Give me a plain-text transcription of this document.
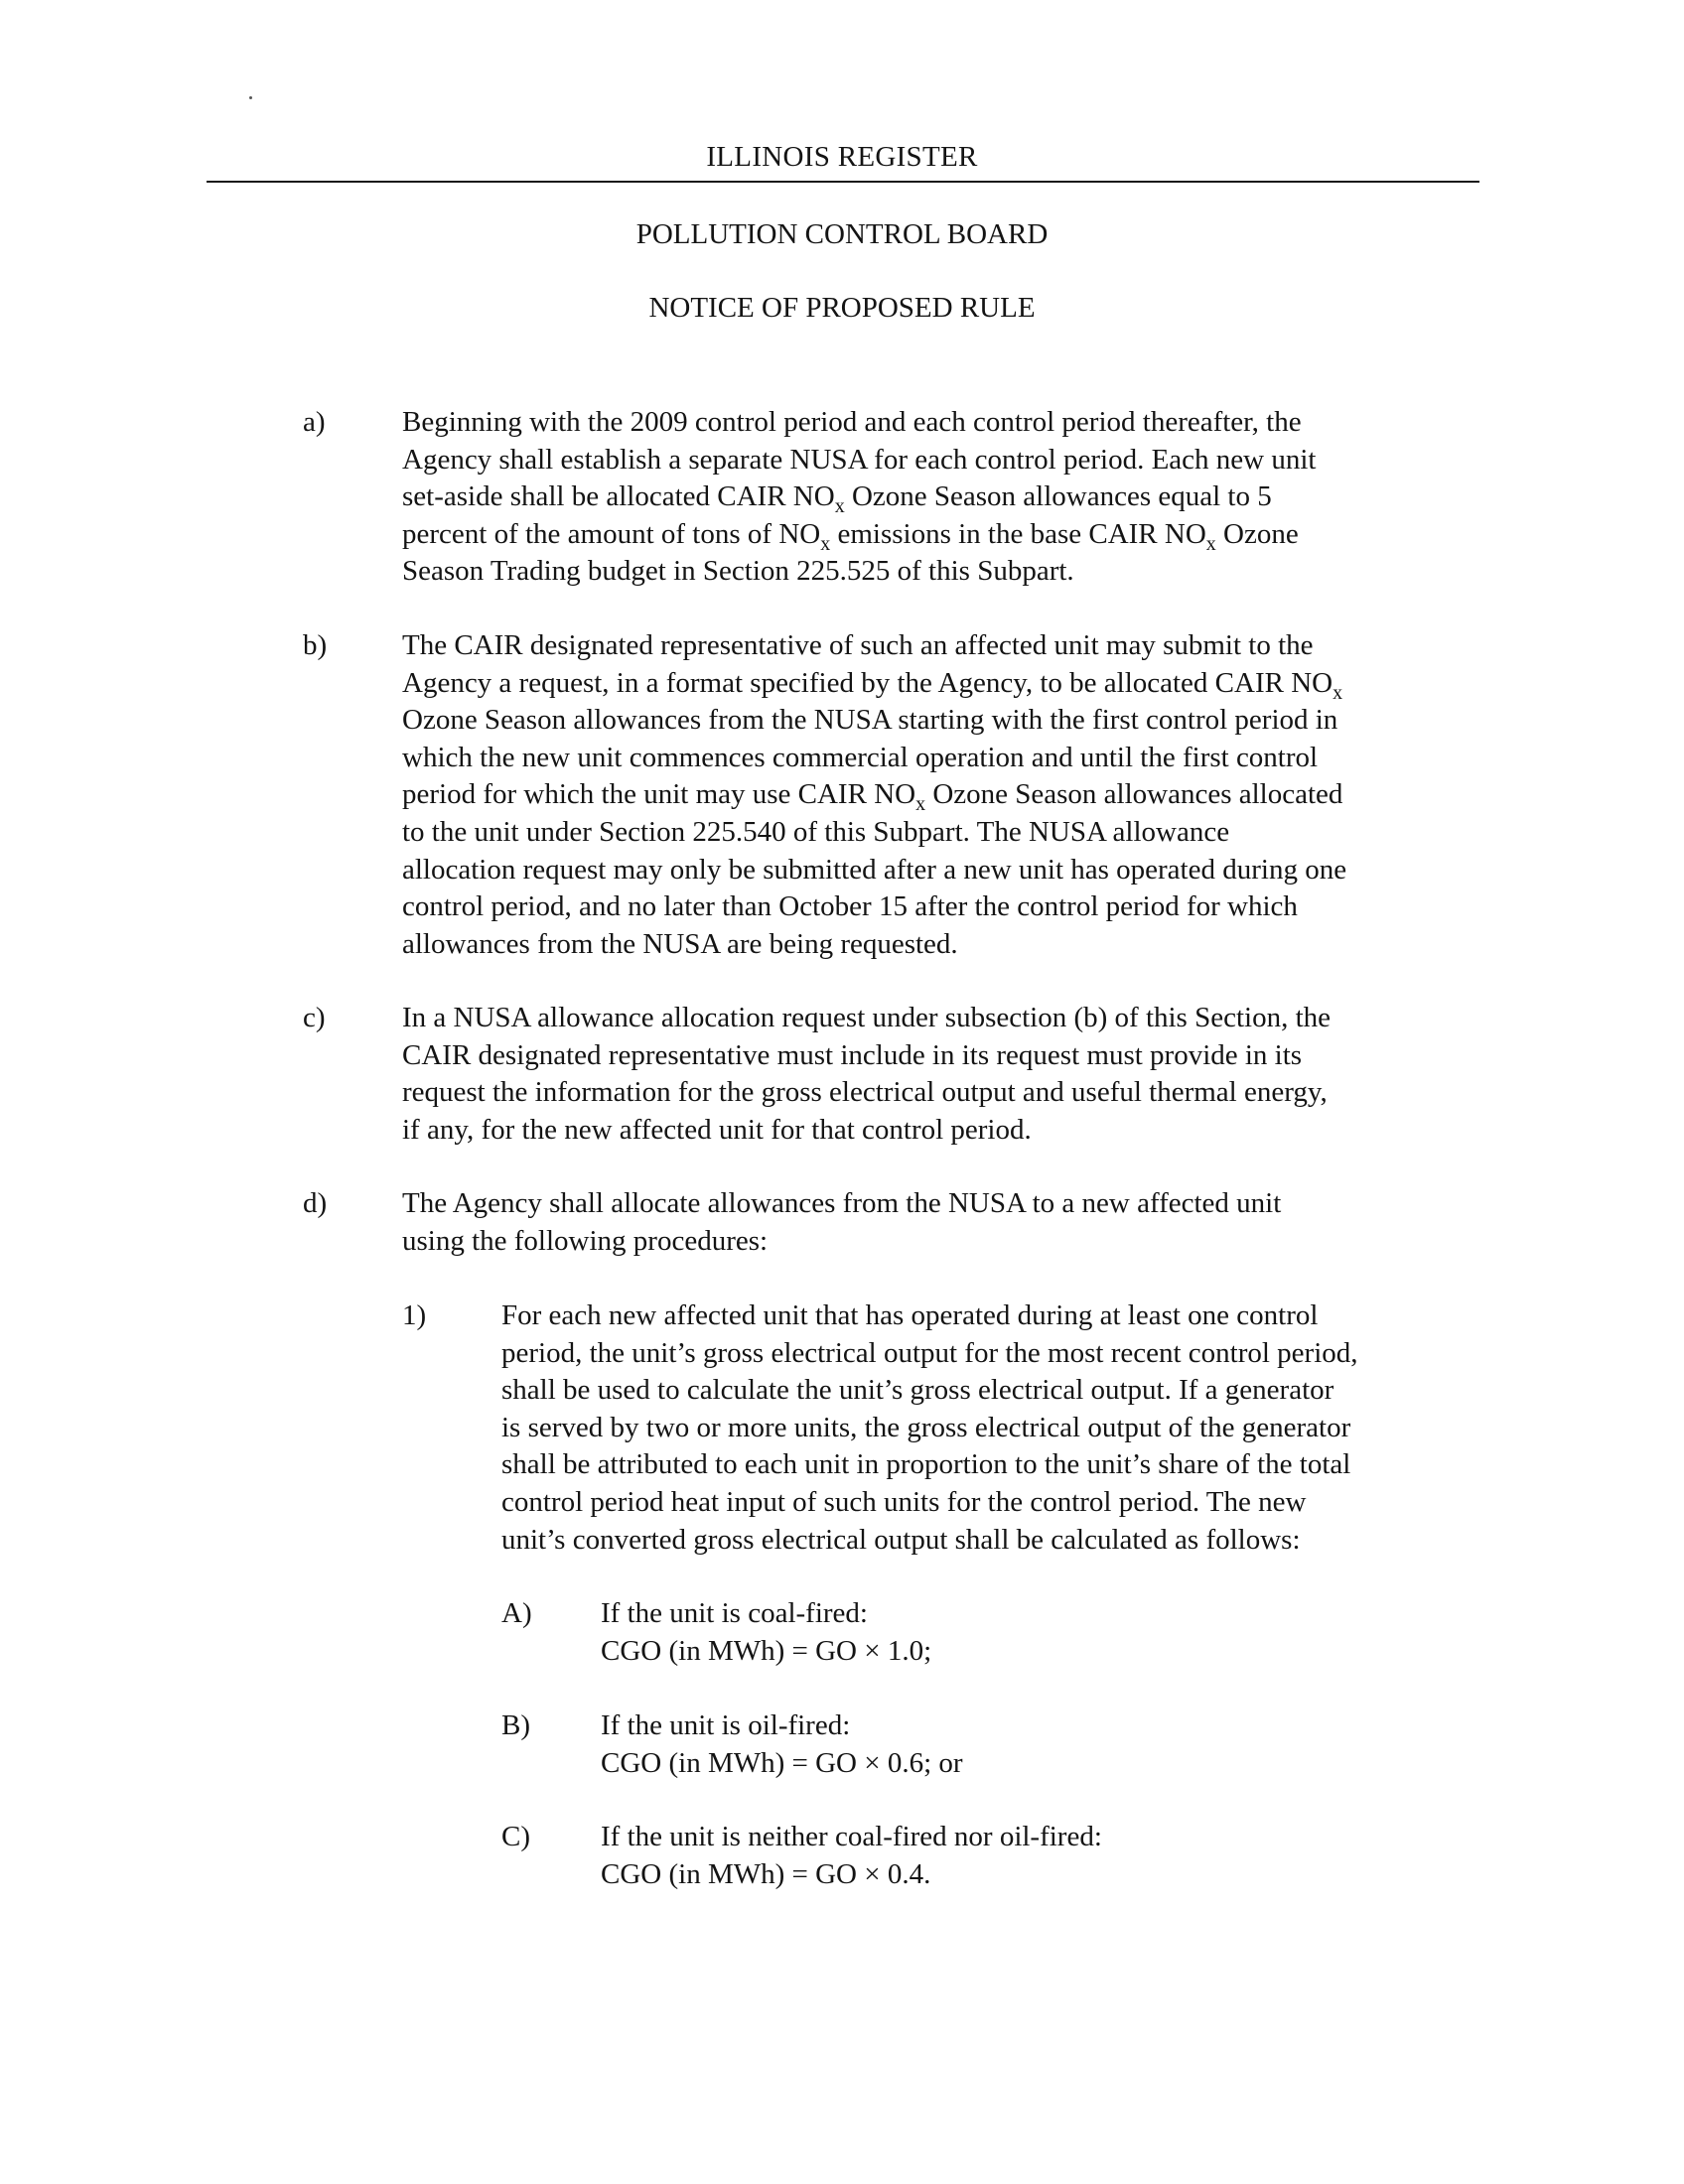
ILLINOIS REGISTER
POLLUTION CONTROL BOARD
NOTICE OF PROPOSED RULE
a)	Beginning with the 2009 control period and each control period thereafter, the
Agency shall establish a separate NUSA for each control period. Each new unit
set-aside shall be allocated CAIR $NO_x$ Ozone Season allowances equal to 5
percent of the amount of tons of $NO_x$ emissions in the base CAIR $NO_x$ Ozone
Season Trading budget in Section 225.525 of this Subpart.
b)	The CAIR designated representative of such an affected unit may submit to the
Agency a request, in a format specified by the Agency, to be allocated CAIR $NO_x$
Ozone Season allowances from the NUSA starting with the first control period in
which the new unit commences commercial operation and until the first control
period for which the unit may use CAIR $NO_x$ Ozone Season allowances allocated
to the unit under Section 225.540 of this Subpart. The NUSA allowance
allocation request may only be submitted after a new unit has operated during one
control period, and no later than October 15 after the control period for which
allowances from the NUSA are being requested.
c)	In a NUSA allowance allocation request under subsection (b) of this Section, the
CAIR designated representative must include in its request must provide in its
request the information for the gross electrical output and useful thermal energy,
if any, for the new affected unit for that control period.
d)	The Agency shall allocate allowances from the NUSA to a new affected unit
using the following procedures:
1)	For each new affected unit that has operated during at least one control
period, the unit’s gross electrical output for the most recent control period,
shall be used to calculate the unit’s gross electrical output. If a generator
is served by two or more units, the gross electrical output of the generator
shall be attributed to each unit in proportion to the unit’s share of the total
control period heat input of such units for the control period. The new
unit’s converted gross electrical output shall be calculated as follows:
A) If the unit is coal-fired:
CGO (in MWh) = GO × 1.0;
B) If the unit is oil-fired:
CGO (in MWh) = GO × 0.6; or
C) If the unit is neither coal-fired nor oil-fired:
CGO (in MWh) = GO × 0.4.
